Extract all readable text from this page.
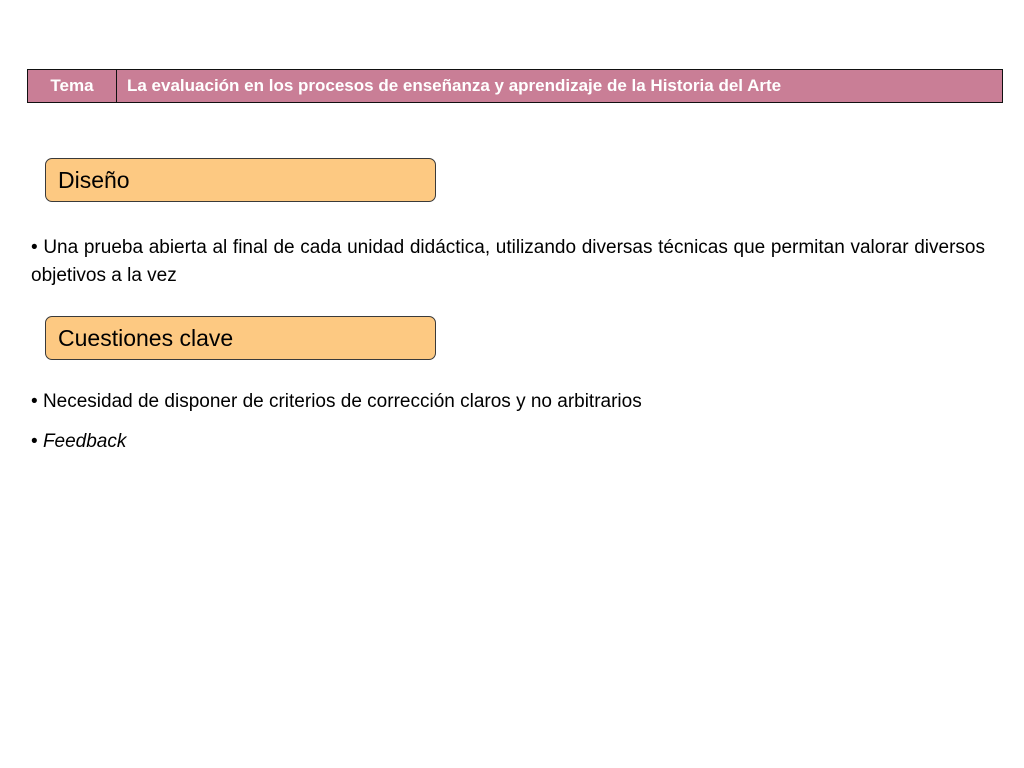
Tema	La evaluación en los procesos de enseñanza y aprendizaje de la Historia del Arte
Diseño
• Una prueba abierta al final de cada unidad didáctica, utilizando diversas técnicas que permitan valorar diversos objetivos a la vez
Cuestiones clave
• Necesidad de disponer de criterios de corrección claros y no arbitrarios
• Feedback
